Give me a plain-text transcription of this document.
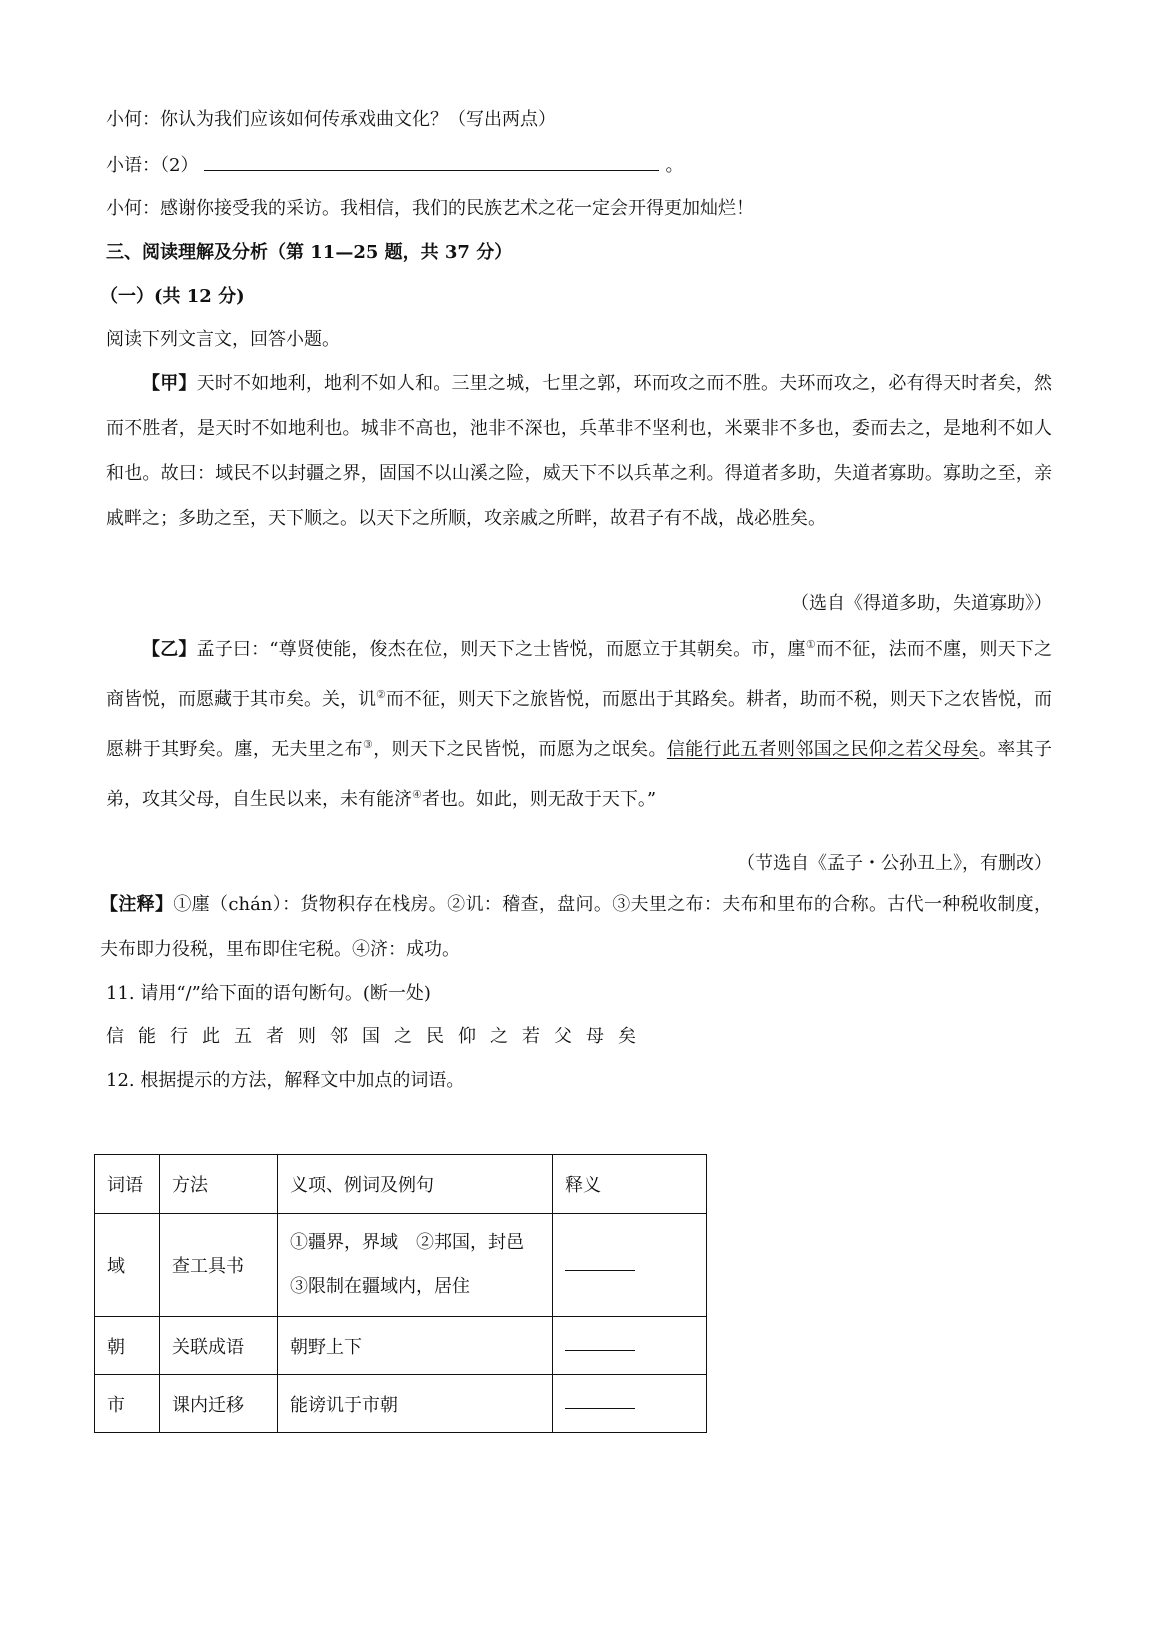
小何：你认为我们应该如何传承戏曲文化？（写出两点）
小语：（2）	。
小何：感谢你接受我的采访。我相信，我们的民族艺术之花一定会开得更加灿烂！
三、阅读理解及分析（第 11—25 题，共 37 分）
（一）(共 12 分)
阅读下列文言文，回答小题。
【甲】天时不如地利，地利不如人和。三里之城，七里之郭，环而攻之而不胜。夫环而攻之，必有得天时者矣，然而不胜者，是天时不如地利也。城非不高也，池非不深也，兵革非不坚利也，米粟非不多也，委而去之，是地利不如人和也。故曰：域民不以封疆之界，固国不以山溪之险，威天下不以兵革之利。得道者多助，失道者寡助。寡助之至，亲戚畔之；多助之至，天下顺之。以天下之所顺，攻亲戚之所畔，故君子有不战，战必胜矣。
（选自《得道多助，失道寡助》）
【乙】孟子曰：“尊贤使能，俊杰在位，则天下之士皆悦，而愿立于其朝矣。市，廛①而不征，法而不廛，则天下之商皆悦，而愿藏于其市矣。关，讥②而不征，则天下之旅皆悦，而愿出于其路矣。耕者，助而不税，则天下之农皆悦，而愿耕于其野矣。廛，无夫里之布③，则天下之民皆悦，而愿为之氓矣。信能行此五者则邻国之民仰之若父母矣。率其子弟，攻其父母，自生民以来，未有能济④者也。如此，则无敌于天下。”
（节选自《孟子・公孙丑上》，有删改）
【注释】①廛（chán）：货物积存在栈房。②讥：稽查，盘问。③夫里之布：夫布和里布的合称。古代一种税收制度，夫布即力役税，里布即住宅税。④济：成功。
11. 请用“/”给下面的语句断句。(断一处)
信能行此五者则邻国之民仰之若父母矣
12. 根据提示的方法，解释文中加点的词语。
词语	方法	义项、例词及例句	释义
域	查工具书	①疆界，界域　②邦国，封邑
③限制在疆域内，居住	

朝	关联成语	朝野上下	
市	课内迁移	能谤讥于市朝	
